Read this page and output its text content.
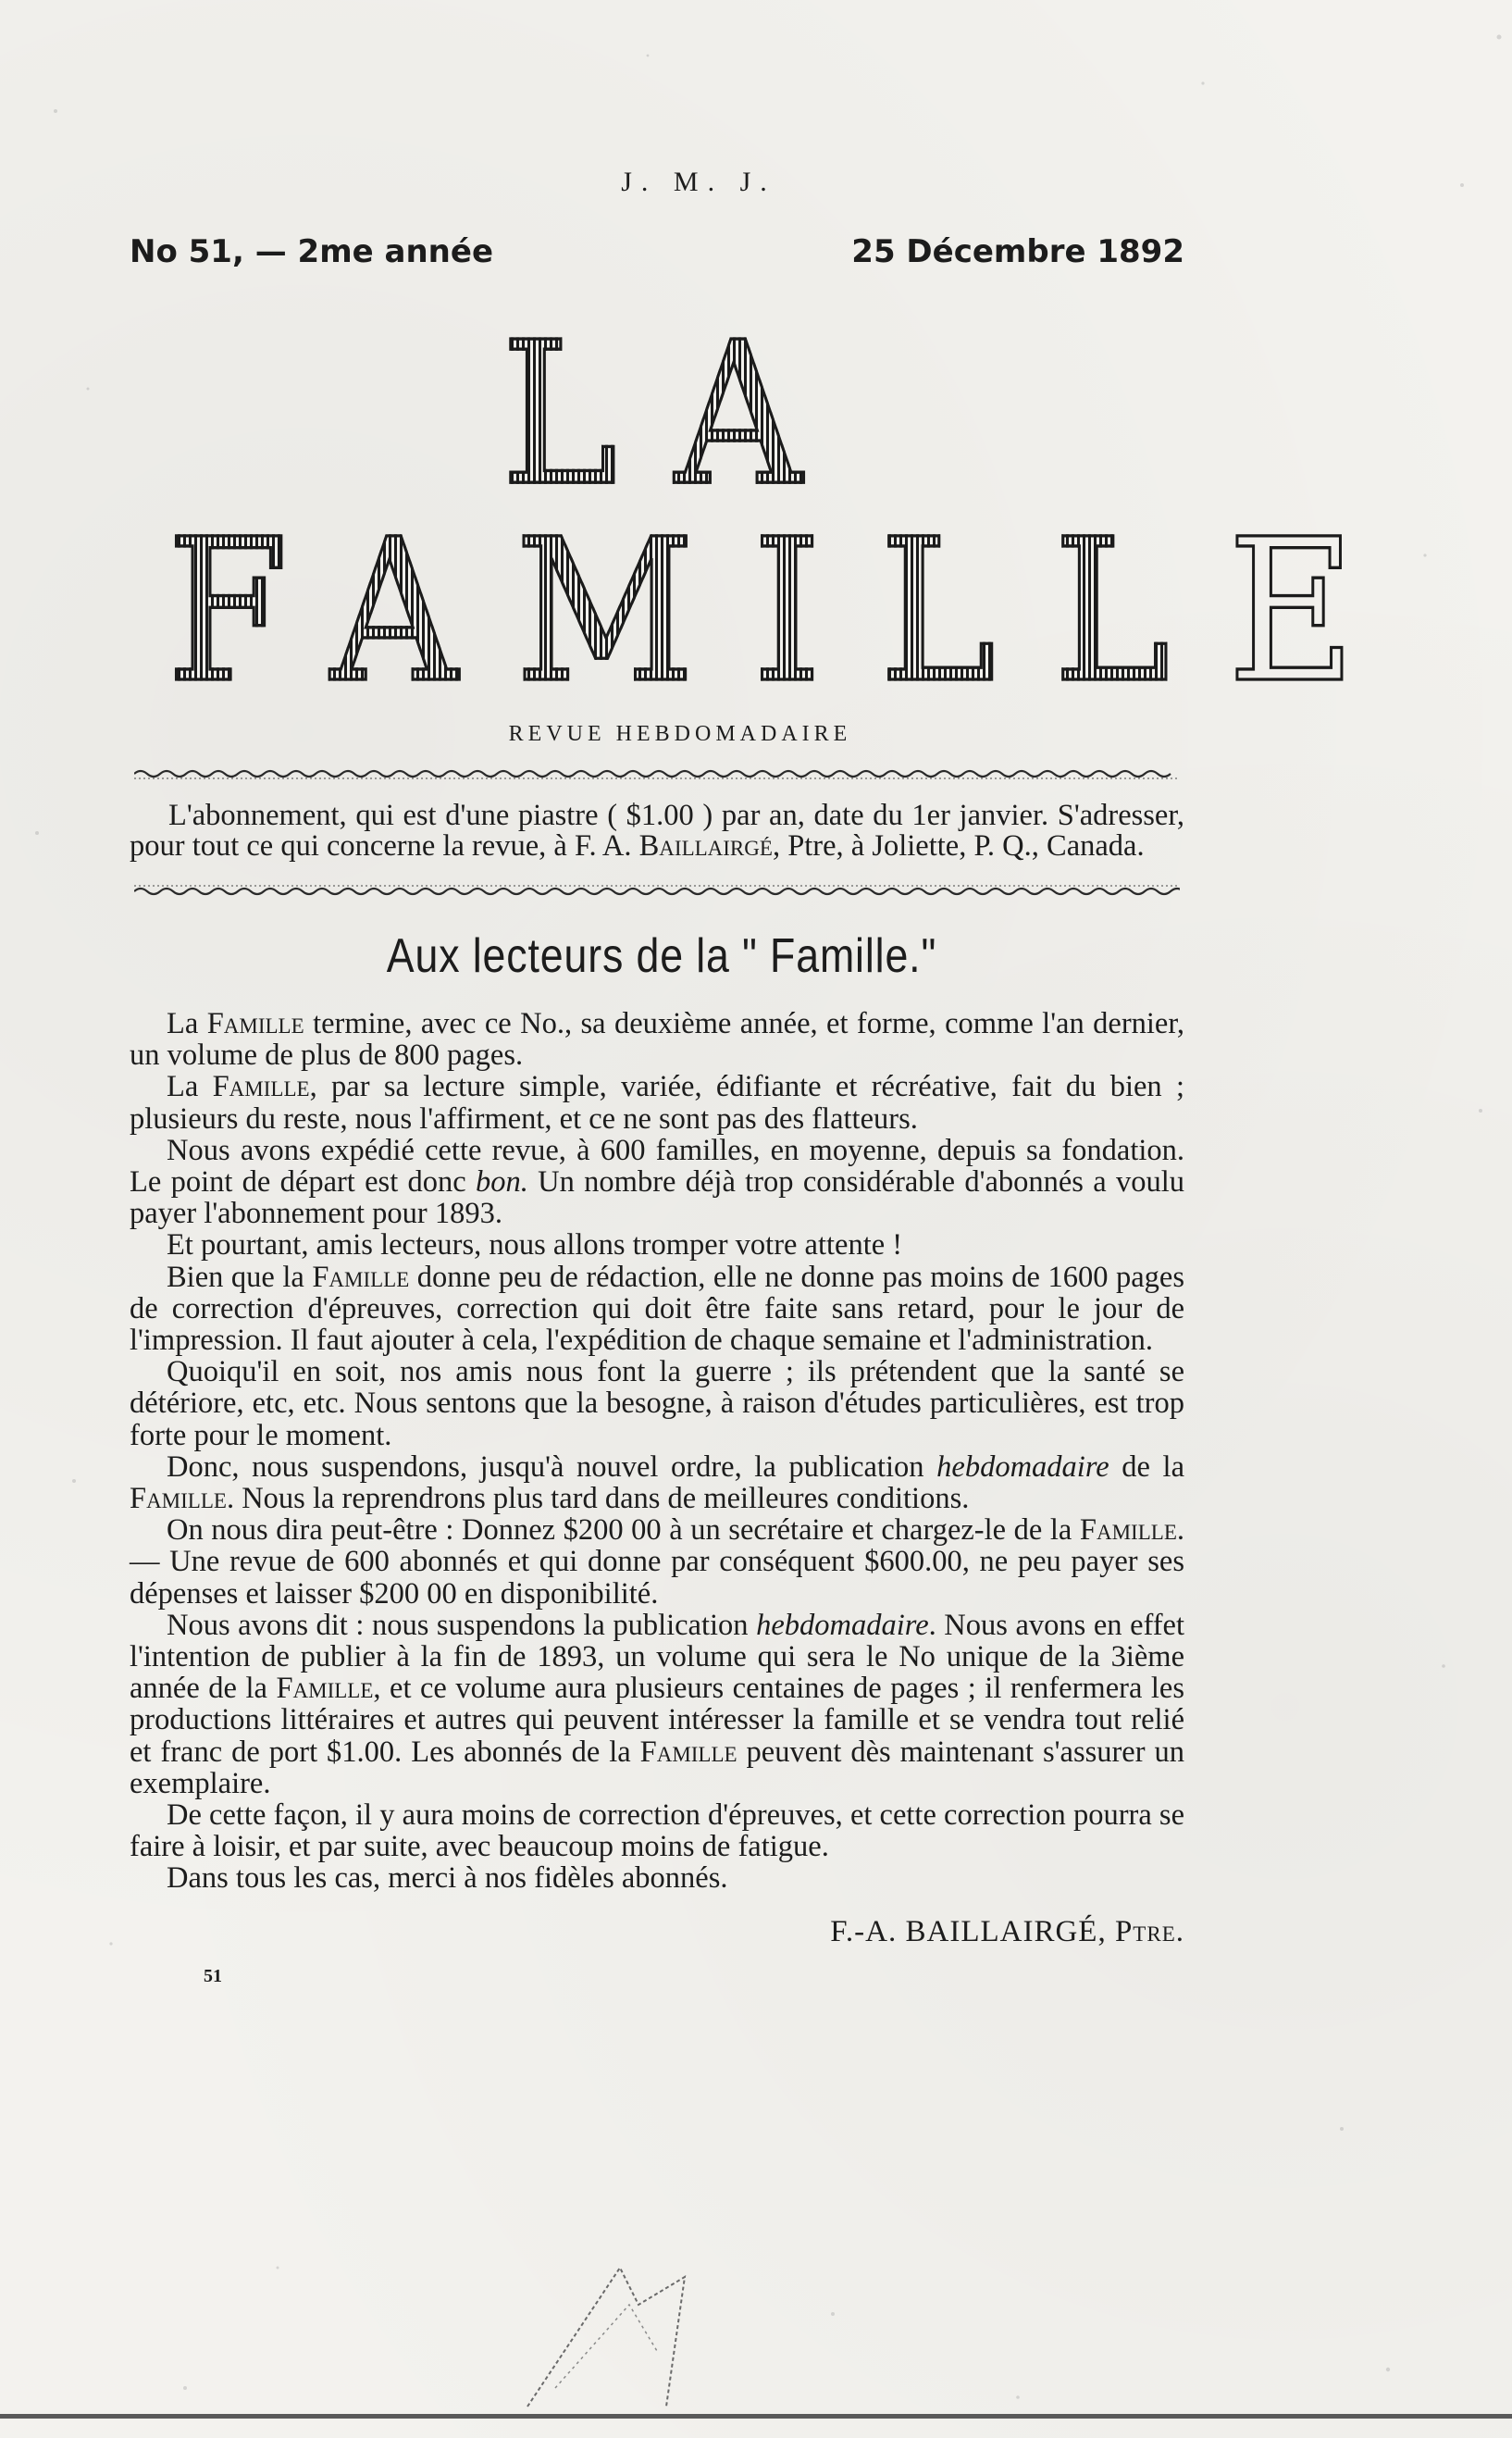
J. M. J.
No 51, — 2me année	25 Décembre 1892
LA FAMILLE
REVUE HEBDOMADAIRE
L'abonnement, qui est d'une piastre ( $1.00 ) par an, date du 1er janvier. S'adresser, pour tout ce qui concerne la revue, à F. A. Baillairgé, Ptre, à Joliette, P. Q., Canada.
Aux lecteurs de la " Famille."

La Famille termine, avec ce No., sa deuxième année, et forme, comme l'an dernier, un volume de plus de 800 pages.

La Famille, par sa lecture simple, variée, édifiante et récréative, fait du bien ; plusieurs du reste, nous l'affirment, et ce ne sont pas des flatteurs.

Nous avons expédié cette revue, à 600 familles, en moyenne, depuis sa fondation. Le point de départ est donc bon. Un nombre déjà trop considérable d'abonnés a voulu payer l'abonnement pour 1893.

Et pourtant, amis lecteurs, nous allons tromper votre attente !

Bien que la Famille donne peu de rédaction, elle ne donne pas moins de 1600 pages de correction d'épreuves, correction qui doit être faite sans retard, pour le jour de l'impression. Il faut ajouter à cela, l'expédition de chaque semaine et l'administration.

Quoiqu'il en soit, nos amis nous font la guerre ; ils prétendent que la santé se détériore, etc, etc. Nous sentons que la besogne, à raison d'études particulières, est trop forte pour le moment.

Donc, nous suspendons, jusqu'à nouvel ordre, la publication hebdomadaire de la Famille. Nous la reprendrons plus tard dans de meilleures conditions.

On nous dira peut-être : Donnez $200 00 à un secrétaire et chargez-le de la Famille. — Une revue de 600 abonnés et qui donne par conséquent $600.00, ne peu payer ses dépenses et laisser $200 00 en disponibilité.

Nous avons dit : nous suspendons la publication hebdomadaire. Nous avons en effet l'intention de publier à la fin de 1893, un volume qui sera le No unique de la 3ième année de la Famille, et ce volume aura plusieurs centaines de pages ; il renfermera les productions littéraires et autres qui peuvent intéresser la famille et se vendra tout relié et franc de port $1.00. Les abonnés de la Famille peuvent dès maintenant s'assurer un exemplaire.

De cette façon, il y aura moins de correction d'épreuves, et cette correction pourra se faire à loisir, et par suite, avec beaucoup moins de fatigue.

Dans tous les cas, merci à nos fidèles abonnés.

F.-A. BAILLAIRGÉ, Ptre.
51
